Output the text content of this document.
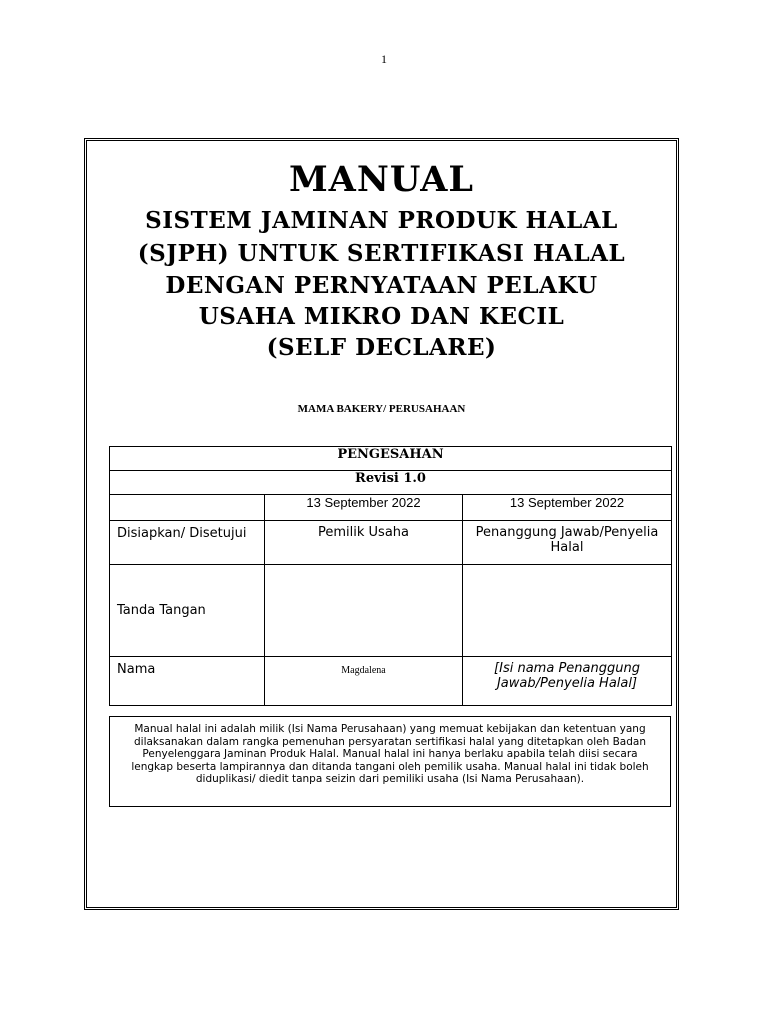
1
MANUAL
SISTEM JAMINAN PRODUK HALAL
(SJPH) UNTUK SERTIFIKASI HALAL
DENGAN PERNYATAAN PELAKU
USAHA MIKRO DAN KECIL
(SELF DECLARE)
MAMA BAKERY/ PERUSAHAAN
PENGESAHAN		
Revisi 1.0		
	13 September 2022	13 September 2022
Disiapkan/ Disetujui	Pemilik Usaha	Penanggung Jawab/Penyelia Halal
Tanda Tangan		
Nama	Magdalena	[Isi nama Penanggung Jawab/Penyelia Halal]
Manual halal ini adalah milik (Isi Nama Perusahaan) yang memuat kebijakan dan ketentuan yang dilaksanakan dalam rangka pemenuhan persyaratan sertifikasi halal yang ditetapkan oleh Badan Penyelenggara Jaminan Produk Halal. Manual halal ini hanya berlaku apabila telah diisi secara lengkap beserta lampirannya dan ditanda tangani oleh pemilik usaha. Manual halal ini tidak boleh diduplikasi/ diedit tanpa seizin dari pemiliki usaha (Isi Nama Perusahaan).
